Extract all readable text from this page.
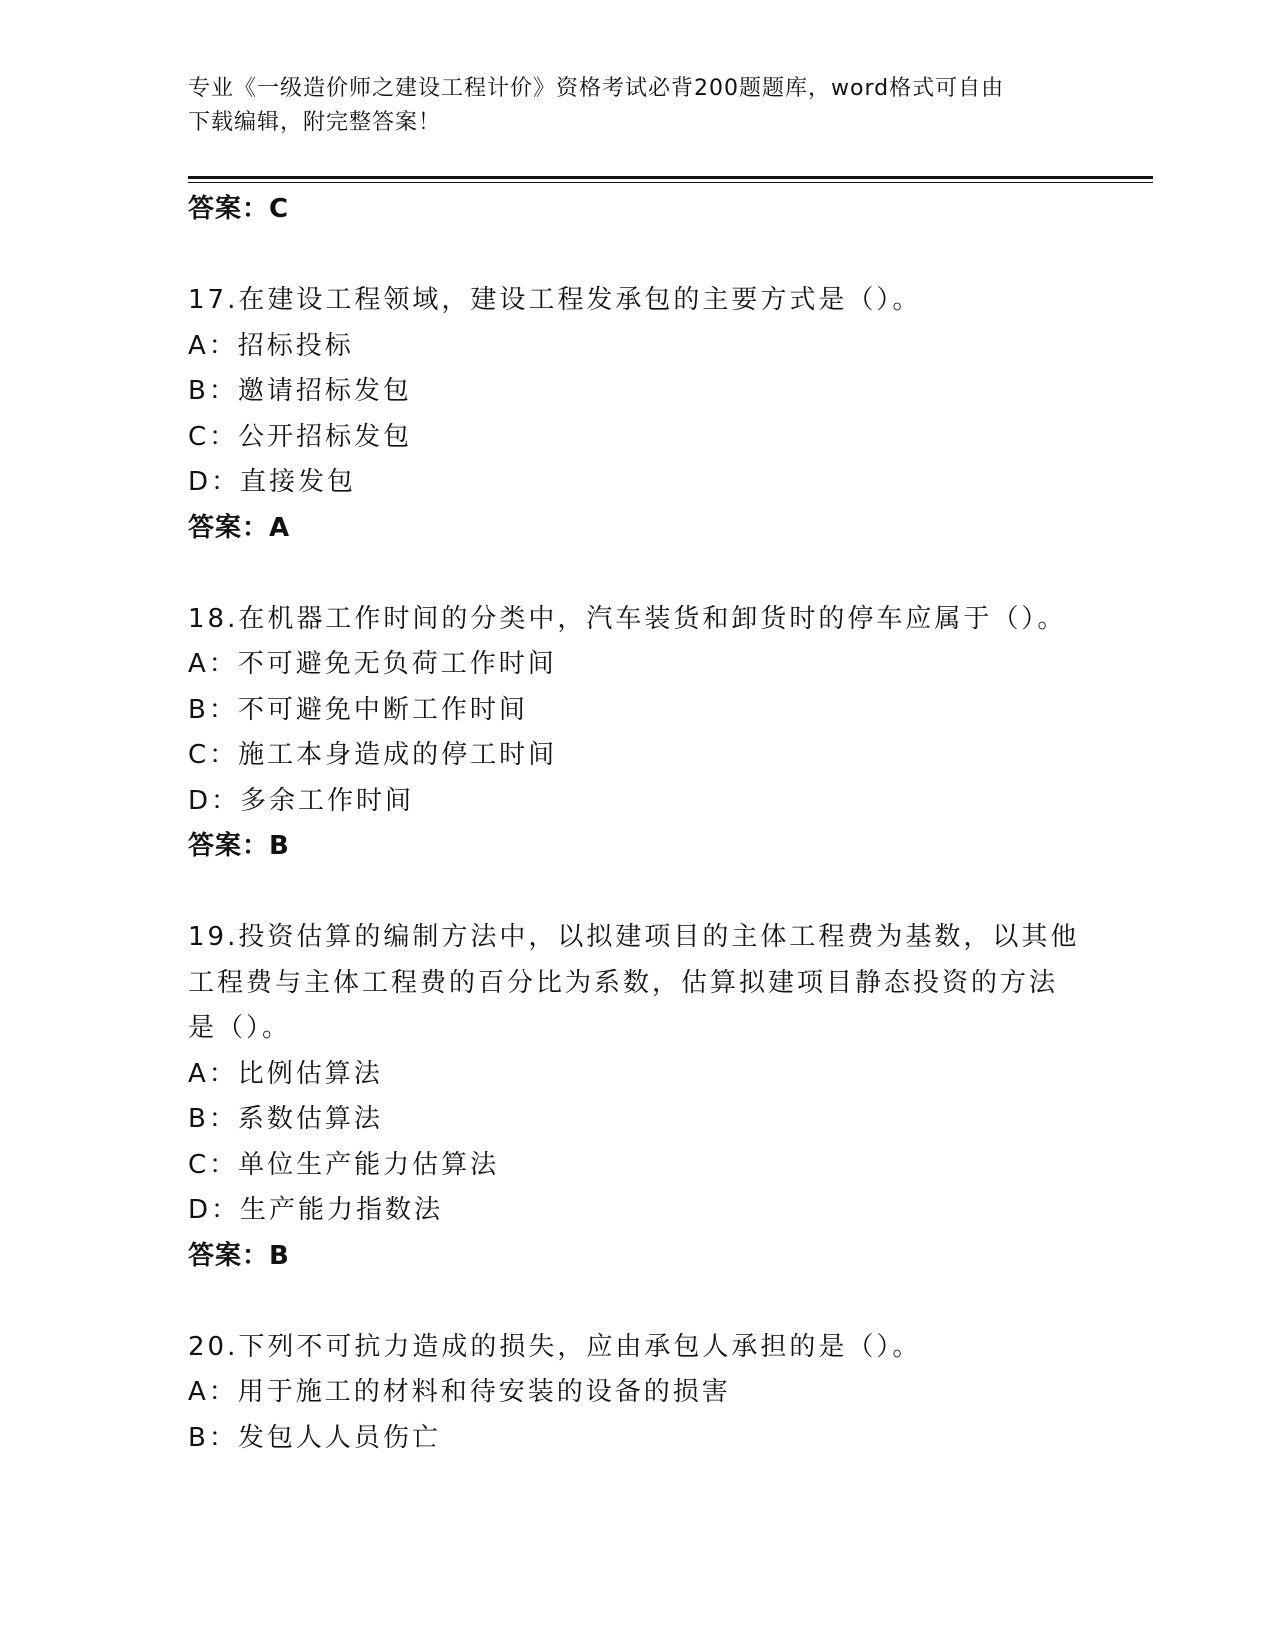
专业《一级造价师之建设工程计价》资格考试必背200题题库，word格式可自由
下载编辑，附完整答案！
答案：C
17.在建设工程领域，建设工程发承包的主要方式是（）。
A：招标投标
B：邀请招标发包
C：公开招标发包
D：直接发包
答案：A
18.在机器工作时间的分类中，汽车装货和卸货时的停车应属于（）。
A：不可避免无负荷工作时间
B：不可避免中断工作时间
C：施工本身造成的停工时间
D：多余工作时间
答案：B
19.投资估算的编制方法中，以拟建项目的主体工程费为基数，以其他
工程费与主体工程费的百分比为系数，估算拟建项目静态投资的方法
是（）。
A：比例估算法
B：系数估算法
C：单位生产能力估算法
D：生产能力指数法
答案：B
20.下列不可抗力造成的损失，应由承包人承担的是（）。
A：用于施工的材料和待安装的设备的损害
B：发包人人员伤亡
